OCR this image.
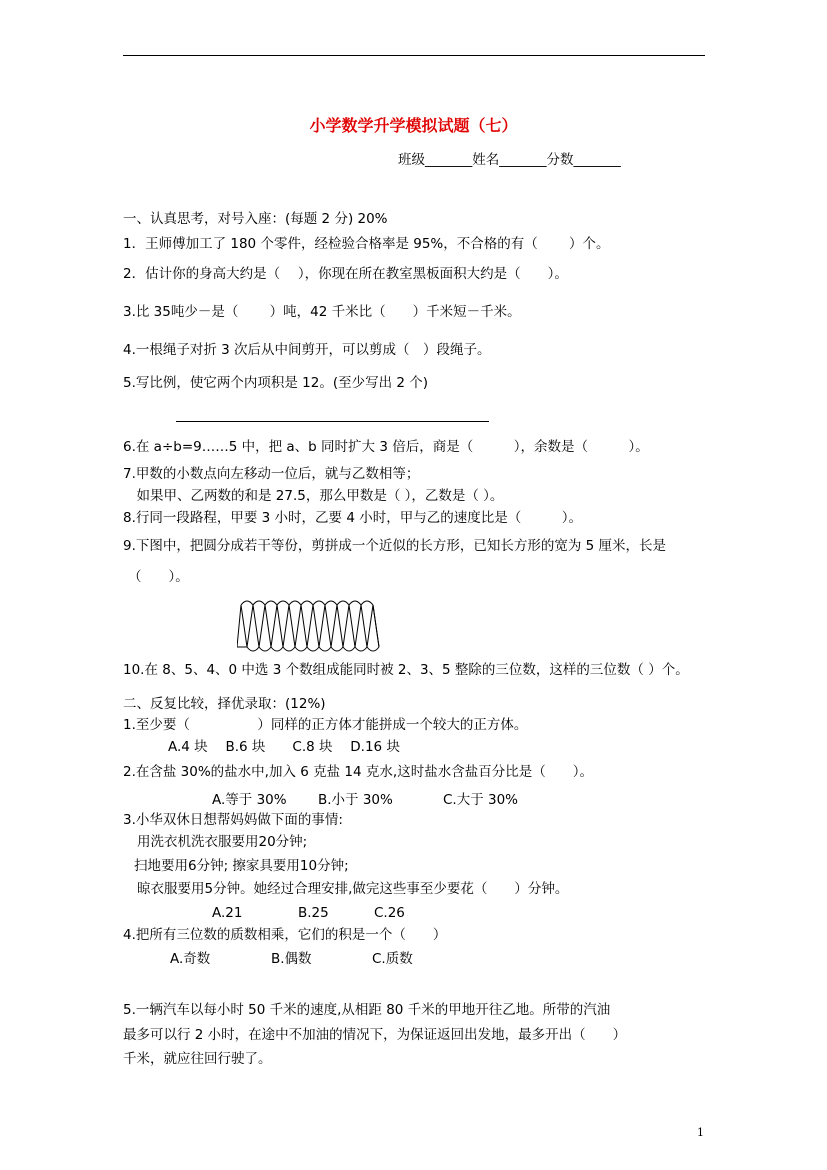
小学数学升学模拟试题（七）
班级_______姓名_______分数_______
一、认真思考，对号入座：(每题 2 分) 20%
1．王师傅加工了 180 个零件，经检验合格率是 95%，不合格的有（　　 ）个。
2．估计你的身高大约是（　 ），你现在所在教室黑板面积大约是（　　）。
3.比 35吨少－是（　　 ）吨，42 千米比（　　）千米短－千米。
4.一根绳子对折 3 次后从中间剪开，可以剪成（　）段绳子。
5.写比例，使它两个内项积是 12。(至少写出 2 个)
6.在 a÷b=9……5 中，把 a、b 同时扩大 3 倍后，商是（　　　），余数是（　　　）。
7.甲数的小数点向左移动一位后，就与乙数相等；
　如果甲、乙两数的和是 27.5，那么甲数是（ ），乙数是（ ）。
8.行同一段路程，甲要 3 小时，乙要 4 小时，甲与乙的速度比是（　　　）。
9.下图中，把圆分成若干等份，剪拼成一个近似的长方形，已知长方形的宽为 5 厘米，长是
（　　）。
10.在 8、5、4、0 中选 3 个数组成能同时被 2、3、5 整除的三位数，这样的三位数（ ）个。
二、反复比较，择优录取：(12%)
1.至少要（　　　　　）同样的正方体才能拼成一个较大的正方体。
A.4 块　 B.6 块　　C.8 块　 D.16 块
2.在含盐 30%的盐水中,加入 6 克盐 14 克水,这时盐水含盐百分比是（　　）。
A.等于 30% B.小于 30%	C.大于 30%
3.小华双休日想帮妈妈做下面的事情:
用洗衣机洗衣服要用20分钟;
扫地要用6分钟; 擦家具要用10分钟;
晾衣服要用5分钟。她经过合理安排,做完这些事至少要花（　　）分钟。
A.21	B.25	C.26
4.把所有三位数的质数相乘，它们的积是一个（　　）
A.奇数	B.偶数	C.质数
5.一辆汽车以每小时 50 千米的速度,从相距 80 千米的甲地开往乙地。所带的汽油
最多可以行 2 小时，在途中不加油的情况下，为保证返回出发地，最多开出（　　）
千米，就应往回行驶了。
1
